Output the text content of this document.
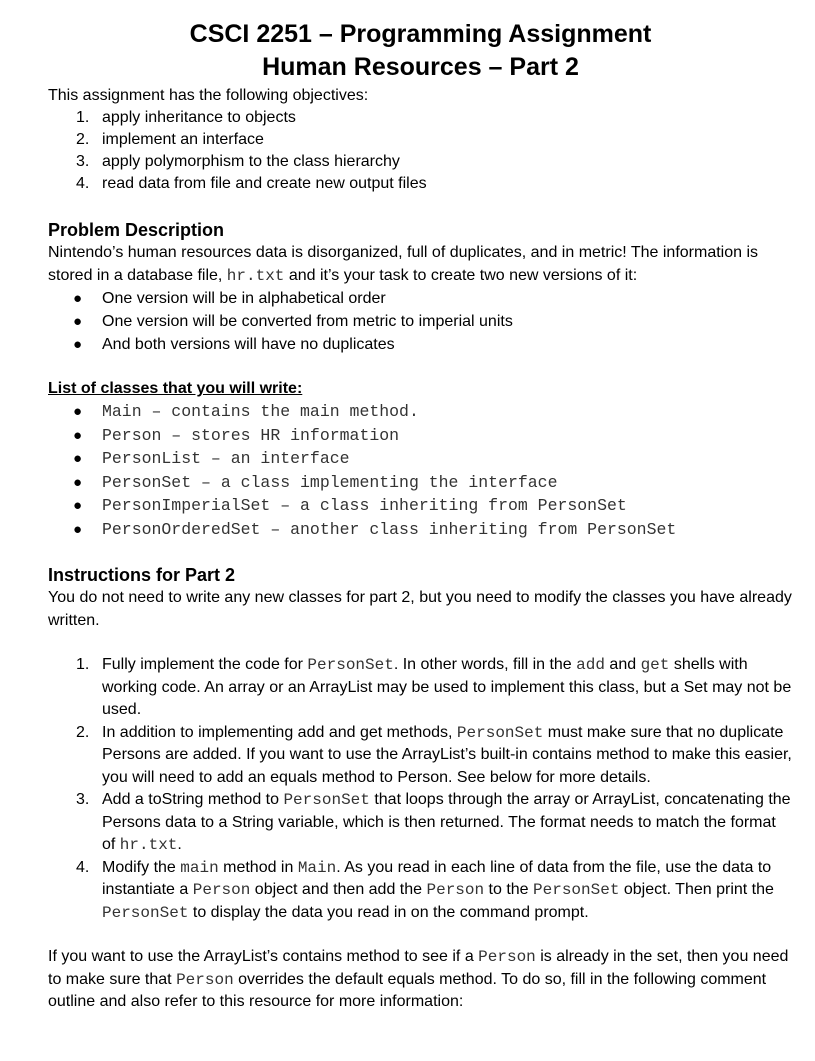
CSCI 2251 – Programming Assignment
Human Resources – Part 2
This assignment has the following objectives:
1. apply inheritance to objects
2. implement an interface
3. apply polymorphism to the class hierarchy
4. read data from file and create new output files
Problem Description
Nintendo’s human resources data is disorganized, full of duplicates, and in metric! The information is stored in a database file, hr.txt and it’s your task to create two new versions of it:
● One version will be in alphabetical order
● One version will be converted from metric to imperial units
● And both versions will have no duplicates
List of classes that you will write:
● Main – contains the main method.
● Person – stores HR information
● PersonList – an interface
● PersonSet – a class implementing the interface
● PersonImperialSet – a class inheriting from PersonSet
● PersonOrderedSet – another class inheriting from PersonSet
Instructions for Part 2
You do not need to write any new classes for part 2, but you need to modify the classes you have already written.
1. Fully implement the code for PersonSet. In other words, fill in the add and get shells with working code. An array or an ArrayList may be used to implement this class, but a Set may not be used.
2. In addition to implementing add and get methods, PersonSet must make sure that no duplicate Persons are added. If you want to use the ArrayList’s built-in contains method to make this easier, you will need to add an equals method to Person. See below for more details.
3. Add a toString method to PersonSet that loops through the array or ArrayList, concatenating the Persons data to a String variable, which is then returned. The format needs to match the format of hr.txt.
4. Modify the main method in Main. As you read in each line of data from the file, use the data to instantiate a Person object and then add the Person to the PersonSet object. Then print the PersonSet to display the data you read in on the command prompt.
If you want to use the ArrayList’s contains method to see if a Person is already in the set, then you need to make sure that Person overrides the default equals method. To do so, fill in the following comment outline and also refer to this resource for more information:
